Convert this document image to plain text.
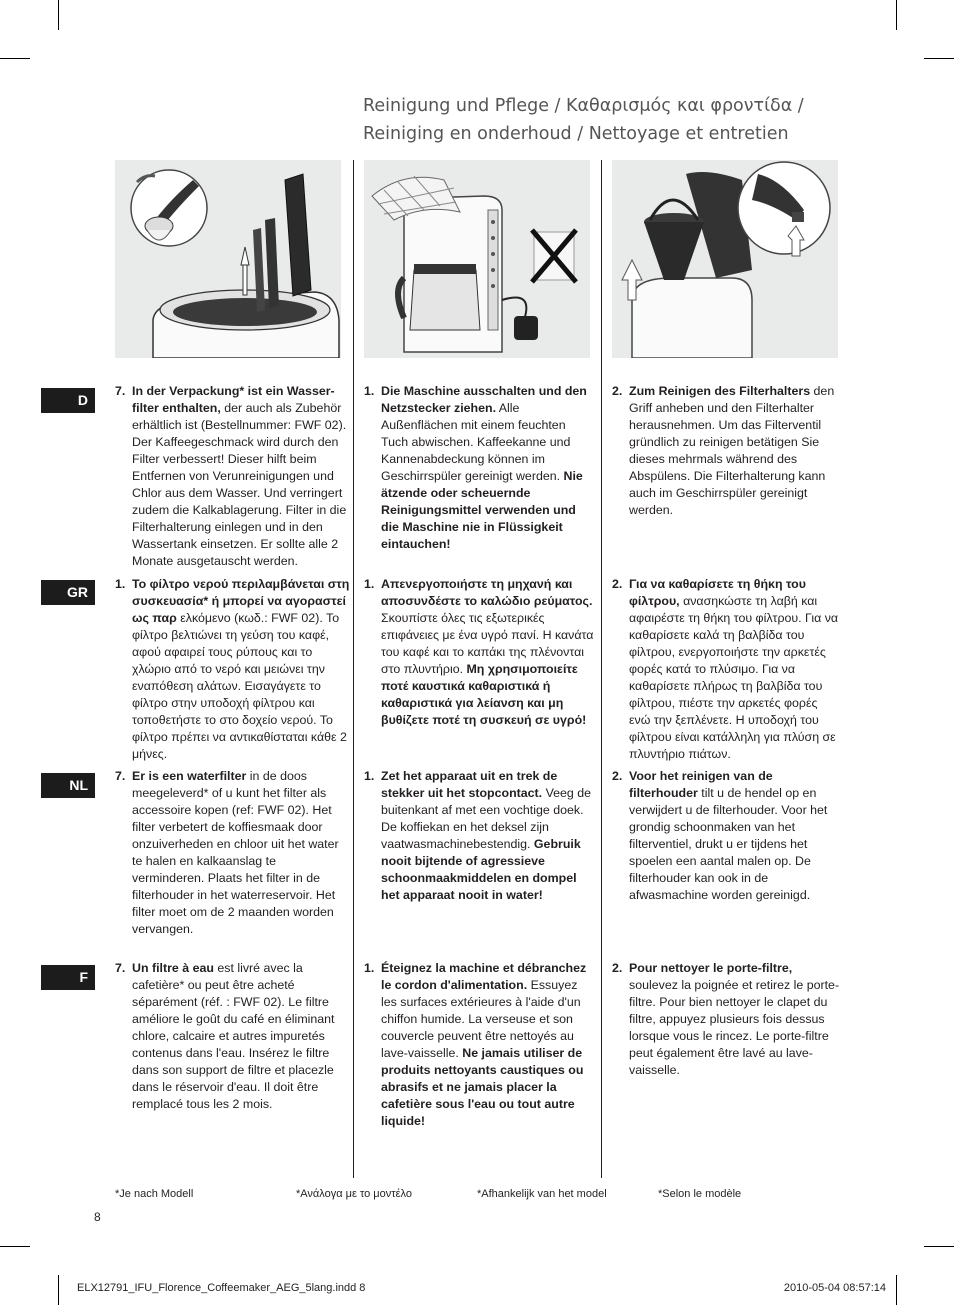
Reinigung und Pflege / Καθαρισμός και φροντίδα /
Reiniging en onderhoud / Nettoyage et entretien
D
GR
NL
F
7. In der Verpackung* ist ein Wasser-filter enthalten, der auch als Zubehör erhältlich ist (Bestellnummer: FWF 02). Der Kaffeegeschmack wird durch den Filter verbessert! Dieser hilft beim Entfernen von Verunreinigungen und Chlor aus dem Wasser. Und verringert zudem die Kalkablagerung. Filter in die Filterhalterung einlegen und in den Wassertank einsetzen. Er sollte alle 2 Monate ausgetauscht werden.
1. Die Maschine ausschalten und den Netzstecker ziehen. Alle Außenflächen mit einem feuchten Tuch abwischen. Kaffeekanne und Kannenabdeckung können im Geschirrspüler gereinigt werden. Nie ätzende oder scheuernde Reinigungsmittel verwenden und die Maschine nie in Flüssigkeit eintauchen!
2. Zum Reinigen des Filterhalters den Griff anheben und den Filterhalter herausnehmen. Um das Filterventil gründlich zu reinigen betätigen Sie dieses mehrmals während des Abspülens. Die Filterhalterung kann auch im Geschirrspüler gereinigt werden.
1. Το φίλτρο νερού περιλαμβάνεται στη συσκευασία* ή μπορεί να αγοραστεί ως παρ ελκόμενο (κωδ.: FWF 02). Το φίλτρο βελτιώνει τη γεύση του καφέ, αφού αφαιρεί τους ρύπους και το χλώριο από το νερό και μειώνει την εναπόθεση αλάτων. Εισαγάγετε το φίλτρο στην υποδοχή φίλτρου και τοποθετήστε το στο δοχείο νερού. Το φίλτρο πρέπει να αντικαθίσταται κάθε 2 μήνες.
1. Απενεργοποιήστε τη μηχανή και αποσυνδέστε το καλώδιο ρεύματος. Σκουπίστε όλες τις εξωτερικές επιφάνειες με ένα υγρό πανί. Η κανάτα του καφέ και το καπάκι της πλένονται στο πλυντήριο. Μη χρησιμοποιείτε ποτέ καυστικά καθαριστικά ή καθαριστικά για λείανση και μη βυθίζετε ποτέ τη συσκευή σε υγρό!
2. Για να καθαρίσετε τη θήκη του φίλτρου, ανασηκώστε τη λαβή και αφαιρέστε τη θήκη του φίλτρου. Για να καθαρίσετε καλά τη βαλβίδα του φίλτρου, ενεργοποιήστε την αρκετές φορές κατά το πλύσιμο. Για να καθαρίσετε πλήρως τη βαλβίδα του φίλτρου, πιέστε την αρκετές φορές ενώ την ξεπλένετε. Η υποδοχή του φίλτρου είναι κατάλληλη για πλύση σε πλυντήριο πιάτων.
7. Er is een waterfilter in de doos meegeleverd* of u kunt het filter als accessoire kopen (ref: FWF 02). Het filter verbetert de koffiesmaak door onzuiverheden en chloor uit het water te halen en kalkaanslag te verminderen. Plaats het filter in de filterhouder in het waterreservoir. Het filter moet om de 2 maanden worden vervangen.
1. Zet het apparaat uit en trek de stekker uit het stopcontact. Veeg de buitenkant af met een vochtige doek. De koffiekan en het deksel zijn vaatwasmachinebestendig. Gebruik nooit bijtende of agressieve schoonmaakmiddelen en dompel het apparaat nooit in water!
2. Voor het reinigen van de filterhouder tilt u de hendel op en verwijdert u de filterhouder. Voor het grondig schoonmaken van het filterventiel, drukt u er tijdens het spoelen een aantal malen op. De filterhouder kan ook in de afwasmachine worden gereinigd.
7. Un filtre à eau est livré avec la cafetière* ou peut être acheté séparément (réf. : FWF 02). Le filtre améliore le goût du café en éliminant chlore, calcaire et autres impuretés contenus dans l'eau. Insérez le filtre dans son support de filtre et placezle dans le réservoir d'eau. Il doit être remplacé tous les 2 mois.
1. Éteignez la machine et débranchez le cordon d'alimentation. Essuyez les surfaces extérieures à l'aide d'un chiffon humide. La verseuse et son couvercle peuvent être nettoyés au lave-vaisselle. Ne jamais utiliser de produits nettoyants caustiques ou abrasifs et ne jamais placer la cafetière sous l'eau ou tout autre liquide!
2. Pour nettoyer le porte-filtre, soulevez la poignée et retirez le porte-filtre. Pour bien nettoyer le clapet du filtre, appuyez plusieurs fois dessus lorsque vous le rincez. Le porte-filtre peut également être lavé au lave-vaisselle.
*Je nach Modell	*Ανάλογα με το μοντέλο	*Afhankelijk van het model	*Selon le modèle
8
ELX12791_IFU_Florence_Coffeemaker_AEG_5lang.indd 8	2010-05-04 08:57:14
